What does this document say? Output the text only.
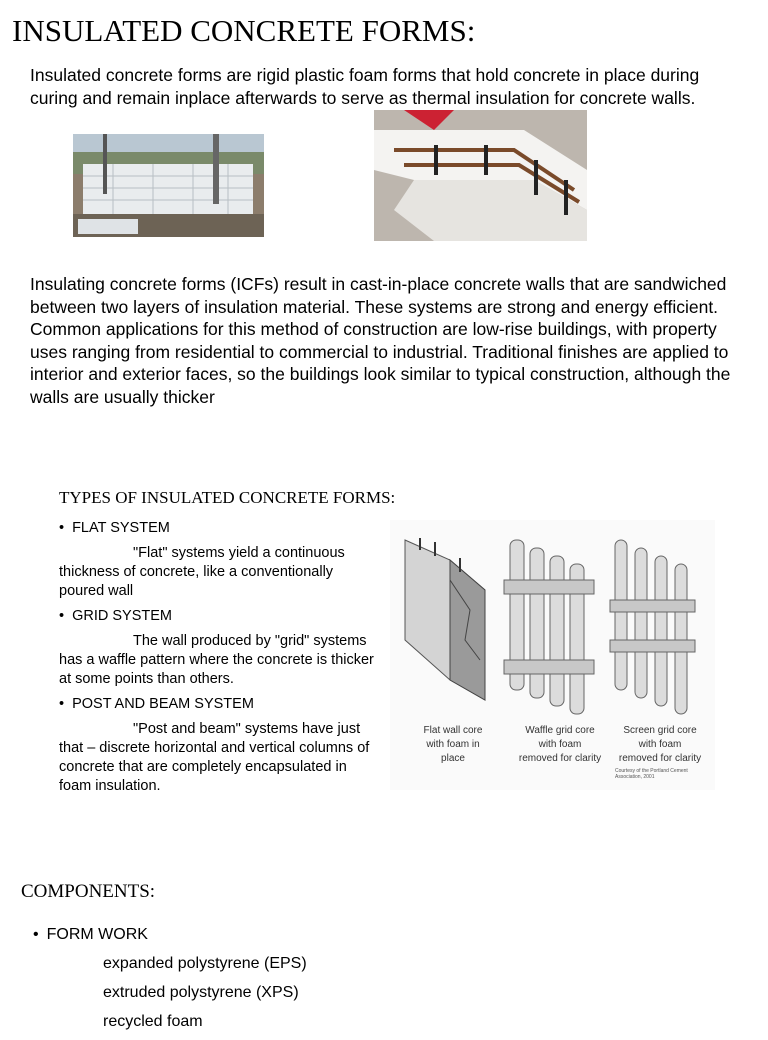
INSULATED CONCRETE FORMS:
Insulated concrete forms are rigid plastic foam forms that hold concrete in place during curing and remain inplace afterwards to serve as thermal insulation for concrete walls.
Insulating concrete forms (ICFs) result in cast-in-place concrete walls that are sandwiched between two layers of insulation material. These systems are strong and energy efficient. Common applications for this method of construction are low-rise buildings, with property uses ranging from residential to commercial to industrial. Traditional finishes are applied to interior and exterior faces, so the buildings look similar to typical construction, although the walls are usually thicker
TYPES OF INSULATED CONCRETE FORMS:
• FLAT SYSTEM
"Flat" systems yield a continuous thickness of concrete, like a conventionally poured wall
• GRID SYSTEM
The wall produced by "grid" systems has a waffle pattern where the concrete is thicker at some points than others.
• POST AND BEAM SYSTEM
"Post and beam" systems have just that – discrete horizontal and vertical columns of concrete that are completely encapsulated in foam insulation.
Flat wall core with foam in place
Waffle grid core with foam removed for clarity
Screen grid core with foam removed for clarity
Courtesy of the Portland Cement Association, 2001
COMPONENTS:
• FORM WORK
expanded polystyrene (EPS)
extruded polystyrene (XPS)
recycled foam
